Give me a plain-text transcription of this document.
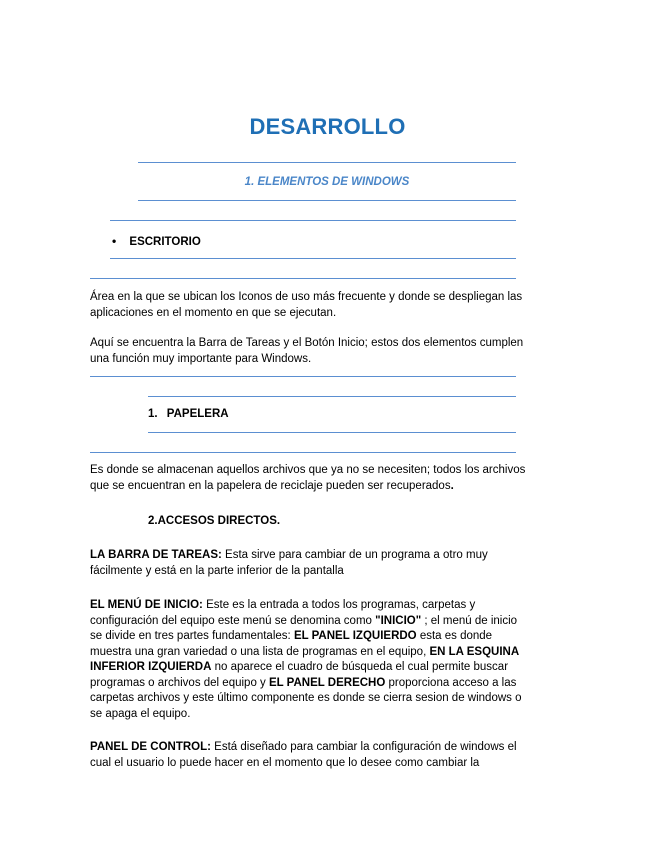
DESARROLLO
1. ELEMENTOS DE WINDOWS
• ESCRITORIO
Área en la que se ubican los Iconos de uso más frecuente y donde se despliegan las aplicaciones en el momento en que se ejecutan.
Aquí se encuentra la Barra de Tareas y el Botón Inicio; estos dos elementos cumplen una función muy importante para Windows.
1. PAPELERA
Es donde se almacenan aquellos archivos que ya no se necesiten; todos los archivos que se encuentran en la papelera de reciclaje pueden ser recuperados.
2.ACCESOS DIRECTOS.
LA BARRA DE TAREAS: Esta sirve para cambiar de un programa a otro muy fácilmente y está en la parte inferior de la pantalla
EL MENÚ DE INICIO: Este es la entrada a todos los programas, carpetas y configuración del equipo este menú se denomina como "INICIO" ; el menú de inicio se divide en tres partes fundamentales: EL PANEL IZQUIERDO esta es donde muestra una gran variedad o una lista de programas en el equipo, EN LA ESQUINA INFERIOR IZQUIERDA no aparece el cuadro de búsqueda el cual permite buscar programas o archivos del equipo y EL PANEL DERECHO proporciona acceso a las carpetas archivos y este último componente es donde se cierra sesion de windows o se apaga el equipo.
PANEL DE CONTROL: Está diseñado para cambiar la configuración de windows el cual el usuario lo puede hacer en el momento que lo desee como cambiar la
